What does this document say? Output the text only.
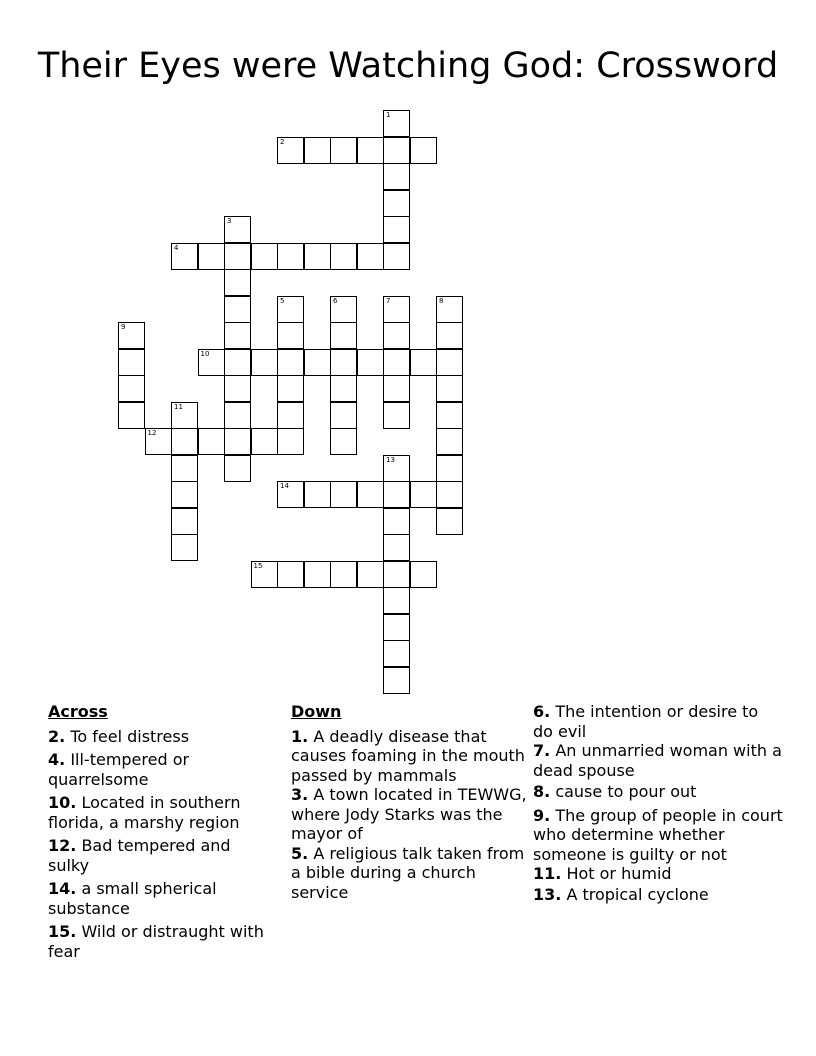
Their Eyes were Watching God: Crossword
1
2
3
4
5	6	7	8
9
10
11
12
13
14
15
Across
2. To feel distress
4. Ill-tempered or quarrelsome
10. Located in southern florida, a marshy region
12. Bad tempered and sulky
14. a small spherical substance
15. Wild or distraught with fear
Down
1. A deadly disease that causes foaming in the mouth passed by mammals
3. A town located in TEWWG, where Jody Starks was the mayor of
5. A religious talk taken from a bible during a church service
6. The intention or desire to do evil
7. An unmarried woman with a dead spouse
8. cause to pour out
9. The group of people in court who determine whether someone is guilty or not
11. Hot or humid
13. A tropical cyclone
